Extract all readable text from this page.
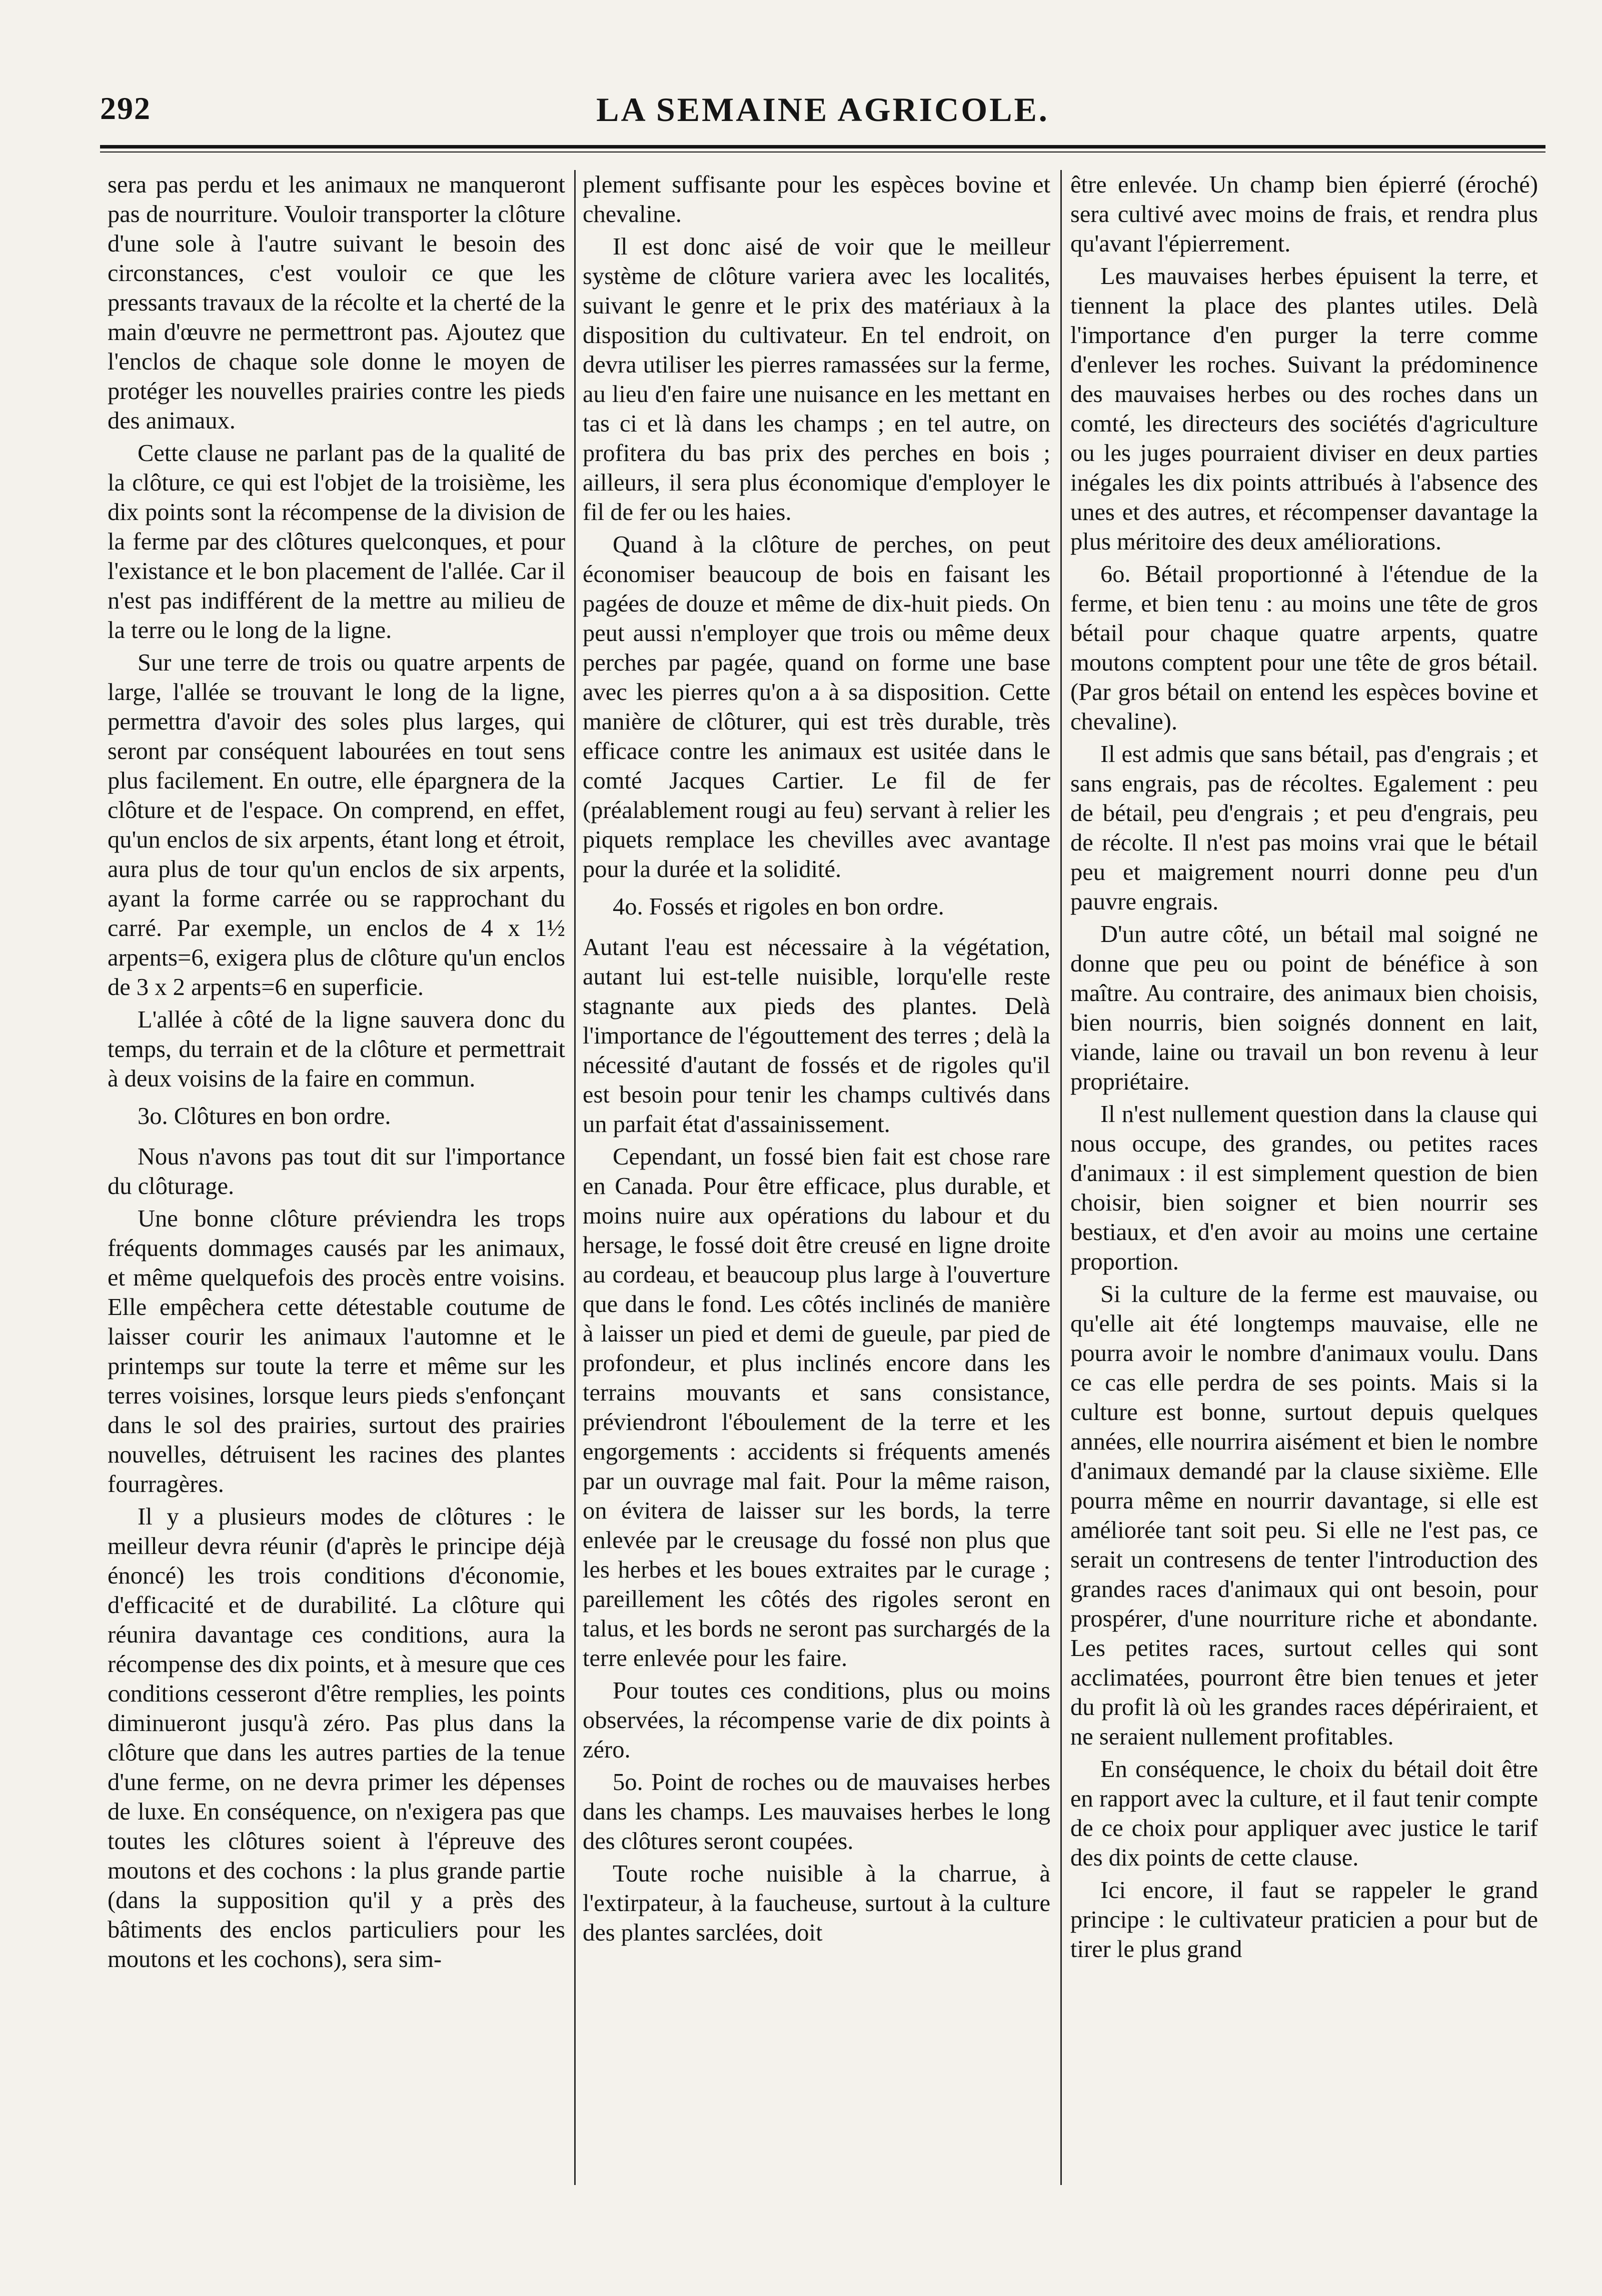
292	LA SEMAINE AGRICOLE.

sera pas perdu et les animaux ne manqueront pas de nourriture. Vouloir transporter la clôture d'une sole à l'autre suivant le besoin des circonstances, c'est vouloir ce que les pressants travaux de la récolte et la cherté de la main d'œuvre ne permettront pas. Ajoutez que l'enclos de chaque sole donne le moyen de protéger les nouvelles prairies contre les pieds des animaux.

Cette clause ne parlant pas de la qualité de la clôture, ce qui est l'objet de la troisième, les dix points sont la récompense de la division de la ferme par des clôtures quelconques, et pour l'existance et le bon placement de l'allée. Car il n'est pas indifférent de la mettre au milieu de la terre ou le long de la ligne.

Sur une terre de trois ou quatre arpents de large, l'allée se trouvant le long de la ligne, permettra d'avoir des soles plus larges, qui seront par conséquent labourées en tout sens plus facilement. En outre, elle épargnera de la clôture et de l'espace. On comprend, en effet, qu'un enclos de six arpents, étant long et étroit, aura plus de tour qu'un enclos de six arpents, ayant la forme carrée ou se rapprochant du carré. Par exemple, un enclos de 4 x 1½ arpents=6, exigera plus de clôture qu'un enclos de 3 x 2 arpents=6 en superficie.

L'allée à côté de la ligne sauvera donc du temps, du terrain et de la clôture et permettrait à deux voisins de la faire en commun.

3o. Clôtures en bon ordre.

Nous n'avons pas tout dit sur l'importance du clôturage.

Une bonne clôture préviendra les trops fréquents dommages causés par les animaux, et même quelquefois des procès entre voisins. Elle empêchera cette détestable coutume de laisser courir les animaux l'automne et le printemps sur toute la terre et même sur les terres voisines, lorsque leurs pieds s'enfonçant dans le sol des prairies, surtout des prairies nouvelles, détruisent les racines des plantes fourragères.

Il y a plusieurs modes de clôtures : le meilleur devra réunir (d'après le principe déjà énoncé) les trois conditions d'économie, d'efficacité et de durabilité. La clôture qui réunira davantage ces conditions, aura la récompense des dix points, et à mesure que ces conditions cesseront d'être remplies, les points diminueront jusqu'à zéro. Pas plus dans la clôture que dans les autres parties de la tenue d'une ferme, on ne devra primer les dépenses de luxe. En conséquence, on n'exigera pas que toutes les clôtures soient à l'épreuve des moutons et des cochons : la plus grande partie (dans la supposition qu'il y a près des bâtiments des enclos particuliers pour les moutons et les cochons), sera sim-

plement suffisante pour les espèces bovine et chevaline.

Il est donc aisé de voir que le meilleur système de clôture variera avec les localités, suivant le genre et le prix des matériaux à la disposition du cultivateur. En tel endroit, on devra utiliser les pierres ramassées sur la ferme, au lieu d'en faire une nuisance en les mettant en tas ci et là dans les champs ; en tel autre, on profitera du bas prix des perches en bois ; ailleurs, il sera plus économique d'employer le fil de fer ou les haies.

Quand à la clôture de perches, on peut économiser beaucoup de bois en faisant les pagées de douze et même de dix-huit pieds. On peut aussi n'employer que trois ou même deux perches par pagée, quand on forme une base avec les pierres qu'on a à sa disposition. Cette manière de clôturer, qui est très durable, très efficace contre les animaux est usitée dans le comté Jacques Cartier. Le fil de fer (préalablement rougi au feu) servant à relier les piquets remplace les chevilles avec avantage pour la durée et la solidité.

4o. Fossés et rigoles en bon ordre.

Autant l'eau est nécessaire à la végétation, autant lui est-telle nuisible, lorqu'elle reste stagnante aux pieds des plantes. Delà l'importance de l'égouttement des terres ; delà la nécessité d'autant de fossés et de rigoles qu'il est besoin pour tenir les champs cultivés dans un parfait état d'assainissement.

Cependant, un fossé bien fait est chose rare en Canada. Pour être efficace, plus durable, et moins nuire aux opérations du labour et du hersage, le fossé doit être creusé en ligne droite au cordeau, et beaucoup plus large à l'ouverture que dans le fond. Les côtés inclinés de manière à laisser un pied et demi de gueule, par pied de profondeur, et plus inclinés encore dans les terrains mouvants et sans consistance, préviendront l'éboulement de la terre et les engorgements : accidents si fréquents amenés par un ouvrage mal fait. Pour la même raison, on évitera de laisser sur les bords, la terre enlevée par le creusage du fossé non plus que les herbes et les boues extraites par le curage ; pareillement les côtés des rigoles seront en talus, et les bords ne seront pas surchargés de la terre enlevée pour les faire.

Pour toutes ces conditions, plus ou moins observées, la récompense varie de dix points à zéro.

5o. Point de roches ou de mauvaises herbes dans les champs. Les mauvaises herbes le long des clôtures seront coupées.

Toute roche nuisible à la charrue, à l'extirpateur, à la faucheuse, surtout à la culture des plantes sarclées, doit

être enlevée. Un champ bien épierré (éroché) sera cultivé avec moins de frais, et rendra plus qu'avant l'épierrement.

Les mauvaises herbes épuisent la terre, et tiennent la place des plantes utiles. Delà l'importance d'en purger la terre comme d'enlever les roches. Suivant la prédominence des mauvaises herbes ou des roches dans un comté, les directeurs des sociétés d'agriculture ou les juges pourraient diviser en deux parties inégales les dix points attribués à l'absence des unes et des autres, et récompenser davantage la plus méritoire des deux améliorations.

6o. Bétail proportionné à l'étendue de la ferme, et bien tenu : au moins une tête de gros bétail pour chaque quatre arpents, quatre moutons comptent pour une tête de gros bétail. (Par gros bétail on entend les espèces bovine et chevaline).

Il est admis que sans bétail, pas d'engrais ; et sans engrais, pas de récoltes. Egalement : peu de bétail, peu d'engrais ; et peu d'engrais, peu de récolte. Il n'est pas moins vrai que le bétail peu et maigrement nourri donne peu d'un pauvre engrais.

D'un autre côté, un bétail mal soigné ne donne que peu ou point de bénéfice à son maître. Au contraire, des animaux bien choisis, bien nourris, bien soignés donnent en lait, viande, laine ou travail un bon revenu à leur propriétaire.

Il n'est nullement question dans la clause qui nous occupe, des grandes, ou petites races d'animaux : il est simplement question de bien choisir, bien soigner et bien nourrir ses bestiaux, et d'en avoir au moins une certaine proportion.

Si la culture de la ferme est mauvaise, ou qu'elle ait été longtemps mauvaise, elle ne pourra avoir le nombre d'animaux voulu. Dans ce cas elle perdra de ses points. Mais si la culture est bonne, surtout depuis quelques années, elle nourrira aisément et bien le nombre d'animaux demandé par la clause sixième. Elle pourra même en nourrir davantage, si elle est améliorée tant soit peu. Si elle ne l'est pas, ce serait un contresens de tenter l'introduction des grandes races d'animaux qui ont besoin, pour prospérer, d'une nourriture riche et abondante. Les petites races, surtout celles qui sont acclimatées, pourront être bien tenues et jeter du profit là où les grandes races dépériraient, et ne seraient nullement profitables.

En conséquence, le choix du bétail doit être en rapport avec la culture, et il faut tenir compte de ce choix pour appliquer avec justice le tarif des dix points de cette clause.

Ici encore, il faut se rappeler le grand principe : le cultivateur praticien a pour but de tirer le plus grand
